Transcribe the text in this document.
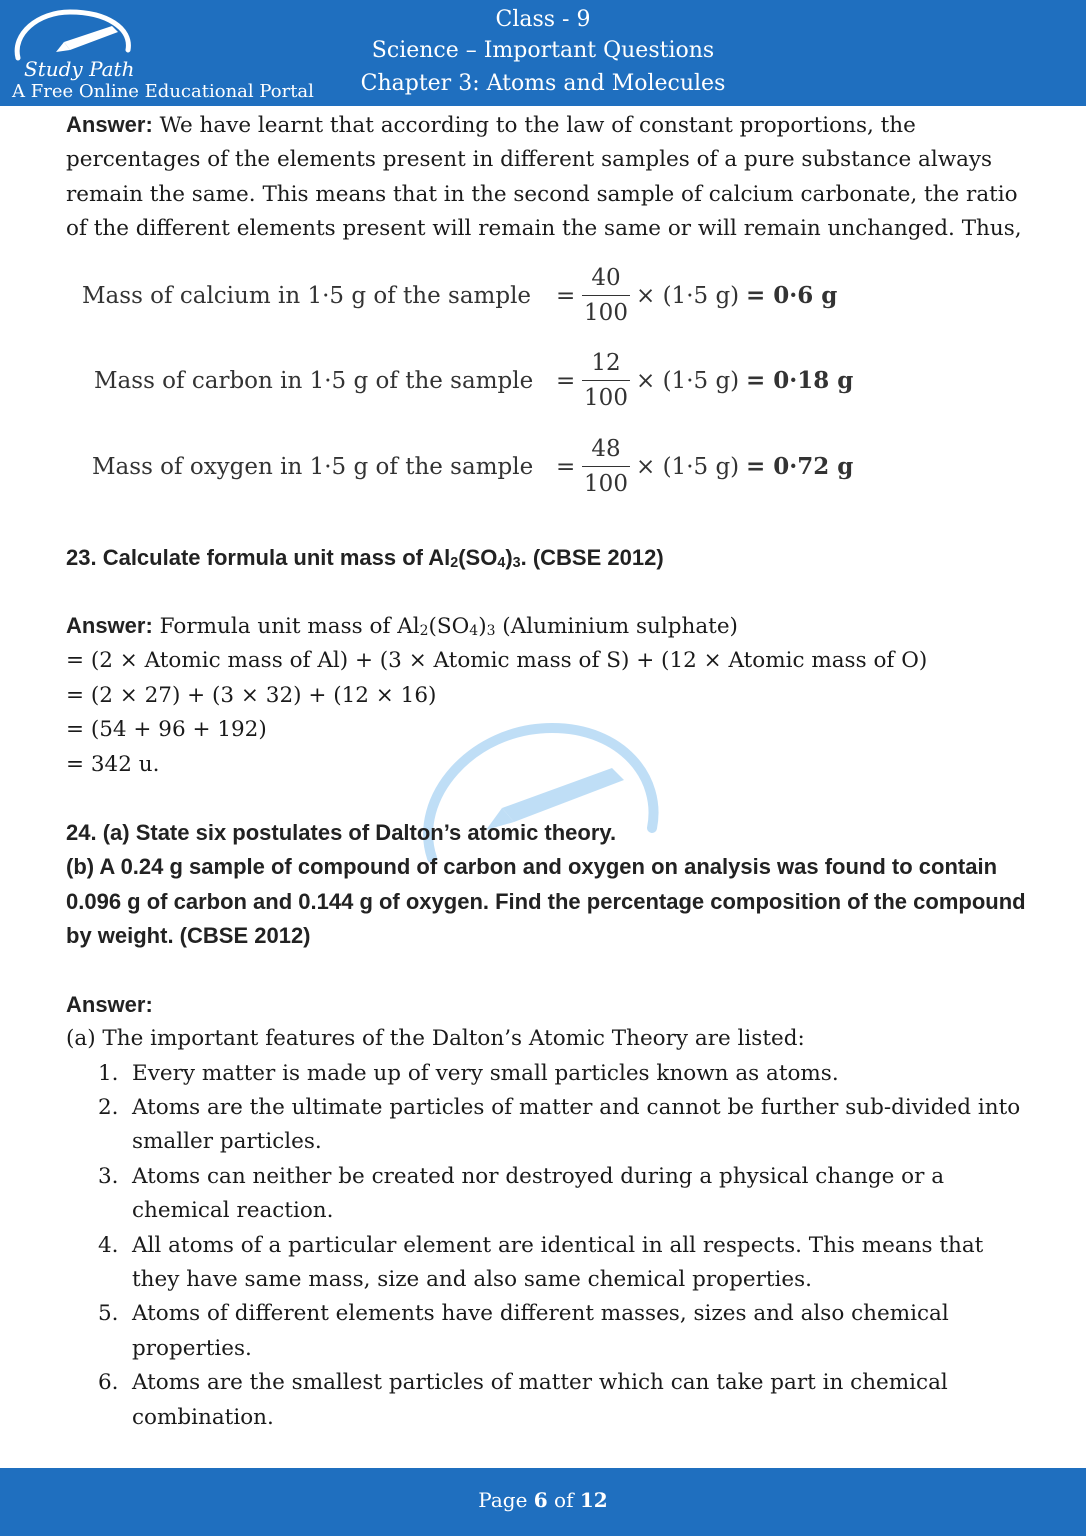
Study Path
A Free Online Educational Portal
Class - 9
Science – Important Questions
Chapter 3: Atoms and Molecules

Answer: We have learnt that according to the law of constant proportions, the percentages of the elements present in different samples of a pure substance always remain the same. This means that in the second sample of calcium carbonate, the ratio of the different elements present will remain the same or will remain unchanged. Thus,

Mass of calcium in 1·5 g of the sample = $\frac{40}{100} \times (1\cdot 5$ g) = 0·6 g
Mass of carbon in 1·5 g of the sample = $\frac{12}{100} \times (1\cdot 5$ g) = 0·18 g
Mass of oxygen in 1·5 g of the sample = $\frac{48}{100} \times (1\cdot 5$ g) = 0·72 g

23. Calculate formula unit mass of $Al_2(SO_4)_3$. (CBSE 2012)

Answer: Formula unit mass of $Al_2(SO_4)_3$ (Aluminium sulphate)

= (2 × Atomic mass of Al) + (3 × Atomic mass of S) + (12 × Atomic mass of O)

= (2 × 27) + (3 × 32) + (12 × 16)

= (54 + 96 + 192)

= 342 u.

24. (a) State six postulates of Dalton’s atomic theory.

(b) A 0.24 g sample of compound of carbon and oxygen on analysis was found to contain 0.096 g of carbon and 0.144 g of oxygen. Find the percentage composition of the compound by weight. (CBSE 2012)

Answer:

(a) The important features of the Dalton’s Atomic Theory are listed:

1. Every matter is made up of very small particles known as atoms.
2. Atoms are the ultimate particles of matter and cannot be further sub-divided into smaller particles.
3. Atoms can neither be created nor destroyed during a physical change or a chemical reaction.
4. All atoms of a particular element are identical in all respects. This means that they have same mass, size and also same chemical properties.
5. Atoms of different elements have different masses, sizes and also chemical properties.
6. Atoms are the smallest particles of matter which can take part in chemical combination.
Page 6 of 12
